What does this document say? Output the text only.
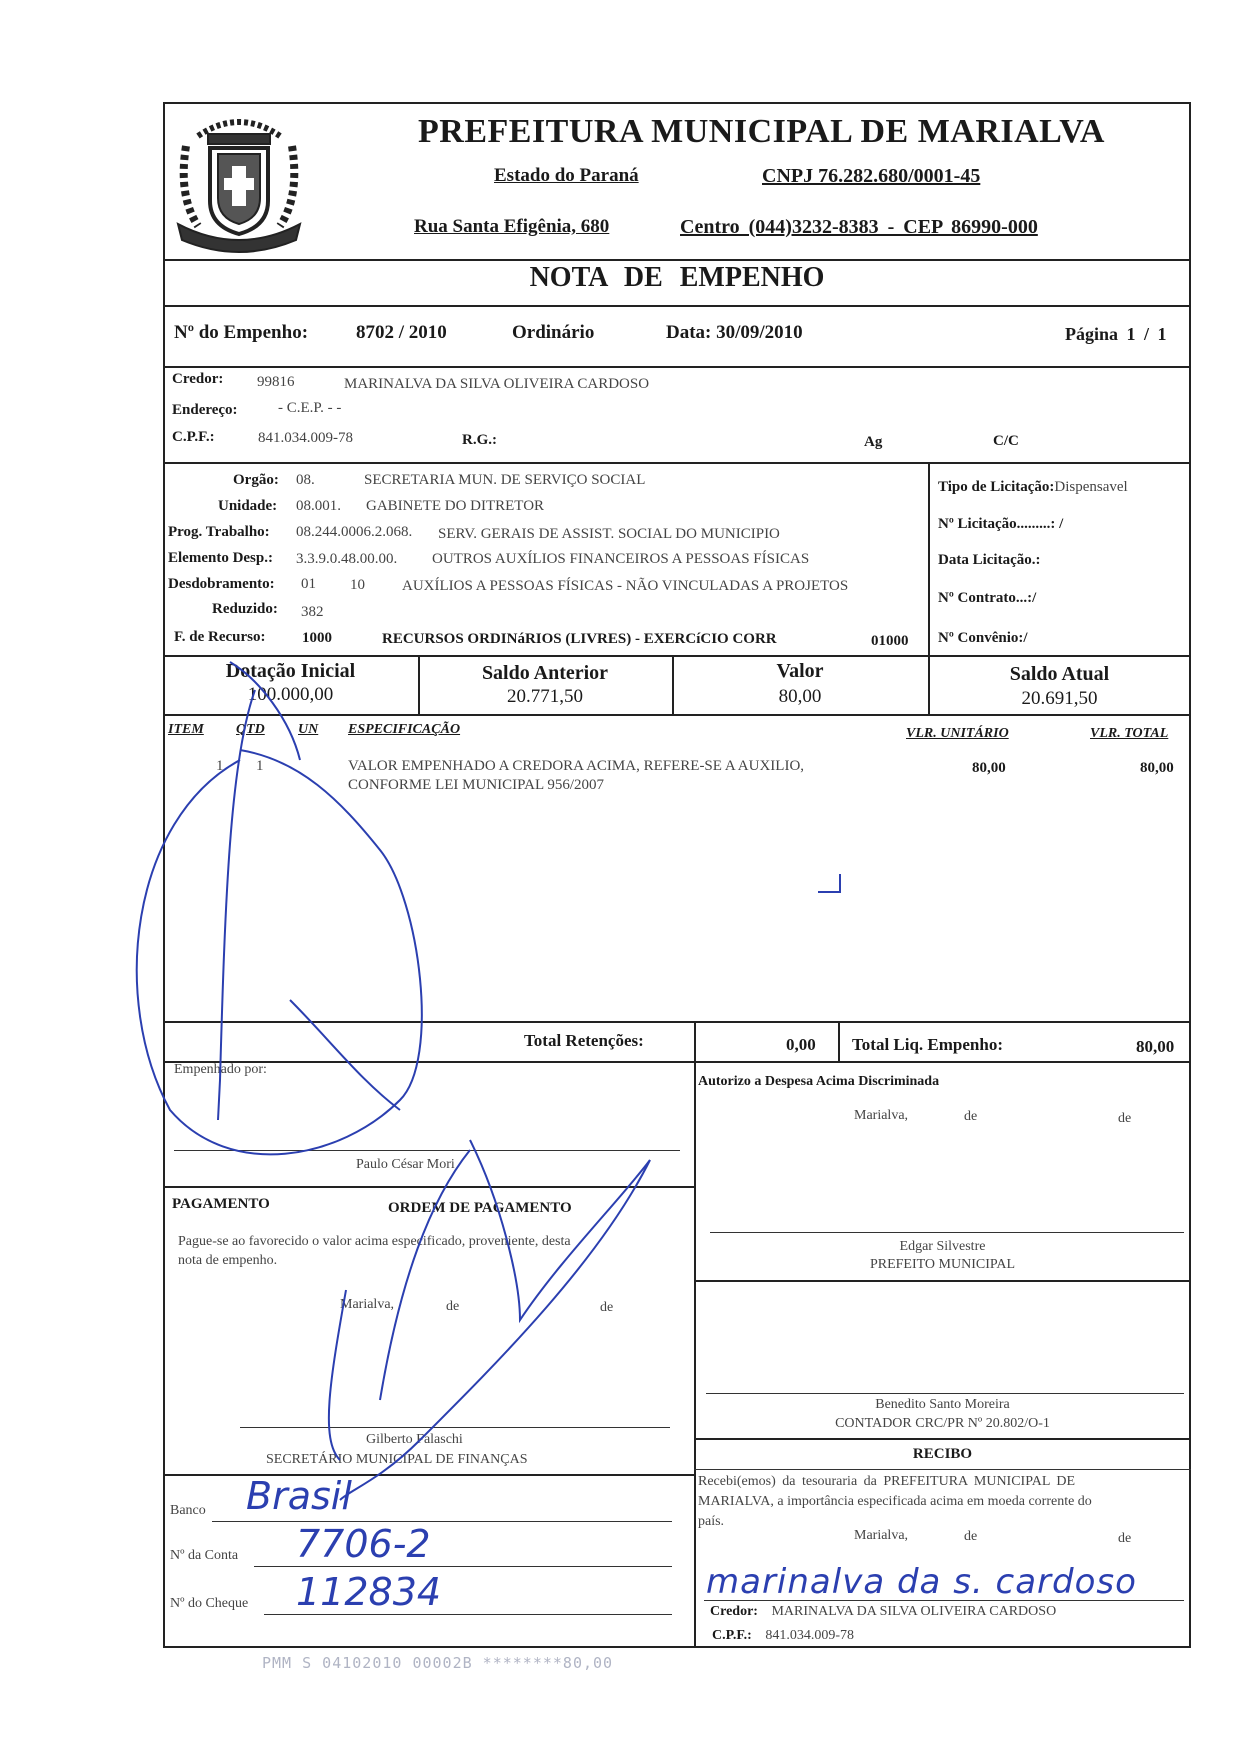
PREFEITURA MUNICIPAL DE MARIALVA
Estado do Paraná	CNPJ 76.282.680/0001-45
Rua Santa Efigênia, 680	Centro (044)3232-8383 - CEP 86990-000
NOTA DE EMPENHO
Nº do Empenho:	8702 / 2010	Ordinário	Data: 30/09/2010	Página 1 / 1
Credor: 99816	MARINALVA DA SILVA OLIVEIRA CARDOSO
Endereço:	- C.E.P. - -
C.P.F.:	841.034.009-78	R.G.:	Ag	C/C
Orgão: 08.	SECRETARIA MUN. DE SERVIÇO SOCIAL
Unidade: 08.001. GABINETE DO DITRETOR
Prog. Trabalho: 08.244.0006.2.068. SERV. GERAIS DE ASSIST. SOCIAL DO MUNICIPIO
Elemento Desp.: 3.3.9.0.48.00.00. OUTROS AUXÍLIOS FINANCEIROS A PESSOAS FÍSICAS
Desdobramento: 01 10 AUXÍLIOS A PESSOAS FÍSICAS - NÃO VINCULADAS A PROJETOS
Reduzido: 382
F. de Recurso: 1000	RECURSOS ORDINáRIOS (LIVRES) - EXERCíCIO CORR	01000
Tipo de Licitação:Dispensavel
Nº Licitação.........: /
Data Licitação.:
Nº Contrato...:/
Nº Convênio:/
Dotação Inicial
100.000,00
Saldo Anterior
20.771,50
Valor
80,00
Saldo Atual
20.691,50
ITEM QTD UN ESPECIFICAÇÃO	VLR. UNITÁRIO	VLR. TOTAL
1 1	VALOR EMPENHADO A CREDORA ACIMA, REFERE-SE A AUXILIO,
CONFORME LEI MUNICIPAL 956/2007
80,00	80,00
Total Retenções:	0,00 Total Liq. Empenho:	80,00
Empenhado por:
Paulo César Mori
PAGAMENTO	ORDEM DE PAGAMENTO
Pague-se ao favorecido o valor acima especificado, proveniente, desta
nota de empenho.
Marialva,	de	de
Gilberto Falaschi
SECRETÁRIO MUNICIPAL DE FINANÇAS
Banco Brasil
Nº da Conta 7706-2
Nº do Cheque 112834
Autorizo a Despesa Acima Discriminada
Marialva,	de	de
Edgar Silvestre
PREFEITO MUNICIPAL
Benedito Santo Moreira
CONTADOR CRC/PR Nº 20.802/O-1
RECIBO
Recebi(emos) da tesouraria da PREFEITURA MUNICIPAL DE
MARIALVA, a importância especificada acima em moeda corrente do
país.
Marialva,	de	de
marinalva da s. cardoso
Credor: MARINALVA DA SILVA OLIVEIRA CARDOSO
C.P.F.: 841.034.009-78
PMM S 04102010 00002B ********80,00
